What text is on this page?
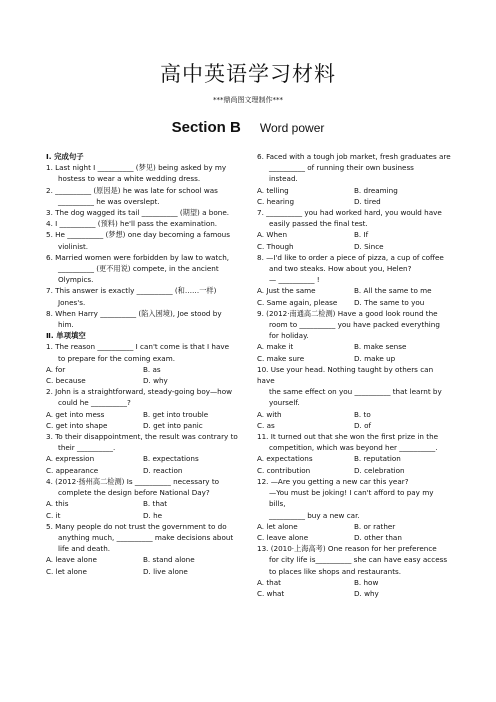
高中英语学习材料
***鼎尚图文理制作***
Section B Word power
Ⅰ. 完成句子
1. Last night I __________ (梦见) being asked by my
hostess to wear a white wedding dress.
2. __________ (原因是) he was late for school was
__________ he was overslept.
3. The dog wagged its tail __________ (期望) a bone.
4. I __________ (预料) he'll pass the examination.
5. He __________ (梦想) one day becoming a famous
violinist.
6. Married women were forbidden by law to watch,
__________ (更不用说) compete, in the ancient
Olympics.
7. This answer is exactly __________ (和……一样)
Jones's.
8. When Harry __________ (陷入困境), Joe stood by
him.
Ⅱ. 单项填空
1. The reason __________ I can't come is that I have
to prepare for the coming exam.
A. for	B. as
C. because	D. why
2. John is a straightforward, steady-going boy—how
could he __________?
A. get into mess	B. get into trouble
C. get into shape	D. get into panic
3. To their disappointment, the result was contrary to
their __________.
A. expression	B. expectations
C. appearance	D. reaction
4. (2012·扬州高二检测) Is __________ necessary to
complete the design before National Day?
A. this	B. that
C. it	D. he
5. Many people do not trust the government to do
anything much, __________ make decisions about
life and death.
A. leave alone	B. stand alone
C. let alone	D. live alone
6. Faced with a tough job market, fresh graduates are
__________ of running their own business
instead.
A. telling	B. dreaming
C. hearing	D. tired
7. __________ you had worked hard, you would have
easily passed the final test.
A. When	B. If
C. Though	D. Since
8. —I'd like to order a piece of pizza, a cup of coffee
and two steaks. How about you, Helen?
— __________ !
A. Just the same	B. All the same to me
C. Same again, please	D. The same to you
9. (2012·南通高二检测) Have a good look round the
room to __________ you have packed everything
for holiday.
A. make it	B. make sense
C. make sure	D. make up
10. Use your head. Nothing taught by others can have
the same effect on you __________ that learnt by
yourself.
A. with	B. to
C. as	D. of
11. It turned out that she won the first prize in the
competition, which was beyond her __________.
A. expectations	B. reputation
C. contribution	D. celebration
12. —Are you getting a new car this year?
—You must be joking! I can't afford to pay my bills,
__________ buy a new car.
A. let alone	B. or rather
C. leave alone	D. other than
13. (2010·上海高考) One reason for her preference
for city life is__________ she can have easy access
to places like shops and restaurants.
A. that	B. how
C. what	D. why
